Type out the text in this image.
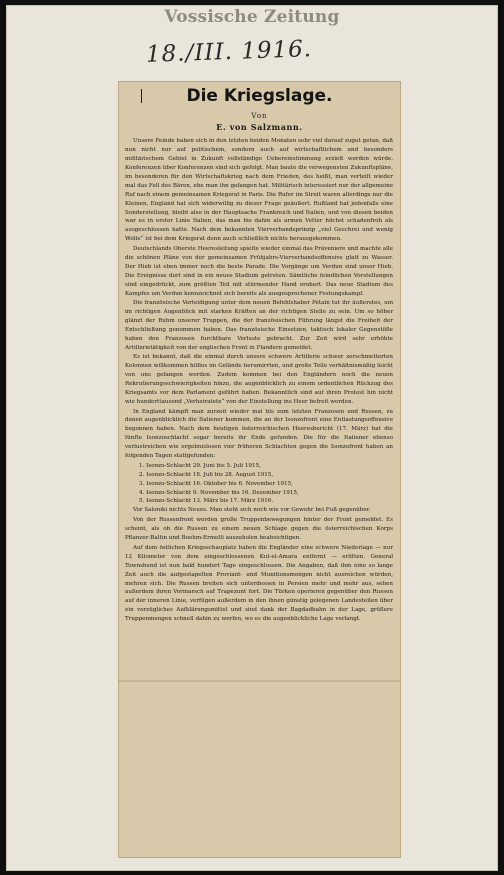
Vossische Zeitung
18./III. 1916.
Die Kriegslage.
Von
E. von Salzmann.

Unsere Feinde haben sich in den letzten beiden Monaten sehr viel darauf zugut getan, daß nun nicht nur auf politischem, sondern auch auf wirtschaftlichem und besonders militärischem Gebiet in Zukunft vollständige Uebereinstimmung erzielt werden würde. Konferenzen über Konferenzen sind sich gefolgt. Man baute die verwegensten Zukunftspläne, im besonderen für den Wirtschaftskrieg nach dem Frieden, des heißt, man verteilt wieder mal das Fell des Bären, ehe man ihn gefangen hat. Militärisch interessiert nur der allgemeine Ruf nach einem gemeinsamen Kriegsrat in Paris. Die Rufer im Streit waren allerdings nur die Kleinen, England hat sich widerwillig zu dieser Frage geäußert. Rußland hat jedenfalls eine Sonderstellung, bleibt also in der Hauptsache Frankreich und Italien, und von diesen beiden war es in erster Linie Italien, das man bis dahin als armen Vetter höchst schadenfroh als ausgeschlossen hatte. Nach dem bekannten Vierverbandsprinzip „viel Geschrei und wenig Wolle“ ist bei dem Kriegsrat denn auch schließlich nichts herausgekommen.

Deutschlands Oberste Heeresleitung spielte wieder einmal das Präveniere und machte alle die schönen Pläne von der gemeinsamen Frühjahrs-Vierverbandsoffensive glatt zu Wasser. Der Hieb ist eben immer noch die beste Parade. Die Vorgänge um Verdun sind unser Hieb. Die Ereignisse dort sind in ein neues Stadium getreten. Sämtliche feindlichen Vorstellungen sind eingedrückt, zum größten Teil mit stürmender Hand erobert. Das neue Stadium des Kampfes um Verdun kennzeichnet sich bereits als ausgesprochener Festungskampf.

Die französische Verteidigung unter dem neuen Befehlshaber Pétain tut ihr äußerstes, um im richtigen Augenblick mit starken Kräften an der richtigen Stelle zu sein. Um so höher glänzt der Ruhm unserer Truppen, die der französischen Führung längst die Freiheit der Entschließung genommen haben. Das französische Einsetzen, taktisch lokaler Gegenstöße haben den Franzosen furchtbare Verluste gebracht. Zur Zeit wird sehr erhöhte Artillerietätigkeit von der englischen Front in Flandern gemeldet.

Es ist bekannt, daß die einmal durch unsere schwere Artillerie schwer zerschmetterten Kolonnen willkommen hilflos im Gelände herumirrten, und große Teile verhältnismäßig leicht von uns gefangen werden. Zudem kommen bei den Engländern noch die neuen Rekrutierungsschwierigkeiten hinzu, die augenblicklich zu einem ordentlichen Rückzug des Kriegsamts vor dem Parlament geführt haben. Bekanntlich sind auf ihren Protest hin nicht wie hunderttausend „Verheiratete“ von der Einstellung ins Heer befreit worden.

In England kämpft man zurzeit wieder mal bis zum letzten Franzosen und Russen, zu denen augenblicklich die Italiener kommen, die an der Isonzofront eine Entlastungsoffensive begonnen haben. Nach dem heutigen österreichischen Heeresbericht (17. März) hat die fünfte Isonzoschlacht sogar bereits ihr Ende gefunden. Die für die Italiener ebenso verlustreichen wie ergebnislosen vier früheren Schlachten gegen die Isonzofront haben an folgenden Tagen stattgefunden:

1. Isonzo-Schlacht 29. Juni bis 5. Juli 1915,
2. Isonzo-Schlacht 18. Juli bis 28. August 1915,
3. Isonzo-Schlacht 16. Oktober bis 6. November 1915,
4. Isonzo-Schlacht 9. November bis 16. Dezember 1915,
5. Isonzo-Schlacht 13. März bis 17. März 1916.

Vor Saloniki nichts Neues. Man steht sich noch wie vor Gewehr bei Fuß gegenüber.

Von der Russenfront werden große Truppenbewegungen hinter der Front gemeldet. Es scheint, als ob die Russen zu einem neuen Schlage gegen die österreichischen Korps Pflanzer-Baltin und Boehm-Ermolli auszuholen beabsichtigen.

Auf dem östlichen Kriegsschauplatz haben die Engländer eine schwere Niederlage — nur 12 Kilometer von dem eingeschlossenen Kut-el-Amara entfernt — erlitten. General Townshend ist nun bald hundert Tage eingeschlossen. Die Angaben, daß ihm eine so lange Zeit auch die aufgestapelten Proviant- und Munitionsmengen nicht ausreichen würden, mehren sich. Die Russen breiten sich unterdessen in Persien mehr und mehr aus, sehen außerdem ihren Vormarsch auf Trapezunt fort. Die Türken operieren gegenüber den Russen auf der inneren Linie, verfügen außerdem in den ihnen günstig gelegenen Landesteilen über ein vorzügliches Aufklärungsmittel und sind dank der Bagdadbahn in der Lage, größere Truppenmengen schnell dahin zu werfen, wo es die augenblickliche Lage verlangt.
